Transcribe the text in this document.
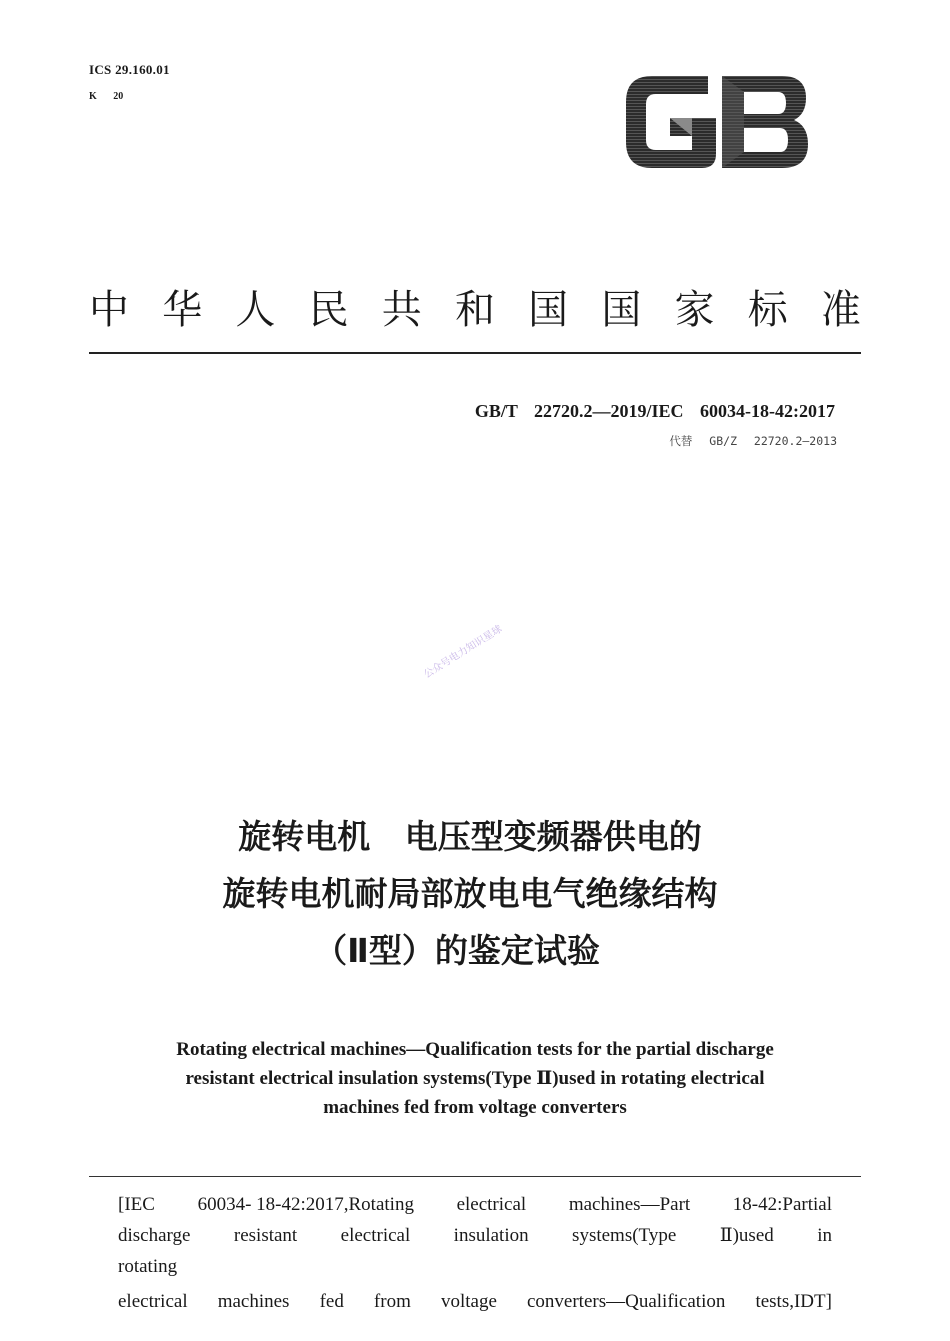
ICS 29.160.01
K 20
中 华 人 民 共 和 国 国 家 标 准
GB/T 22720.2—2019/IEC 60034-18-42:2017
代替 GB/Z 22720.2—2013
公众号电力知识星球
旋转电机   电压型变频器供电的
旋转电机耐局部放电电气绝缘结构
（Ⅱ型）的鉴定试验
Rotating electrical machines—Qualification tests for the partial discharge
resistant electrical insulation systems(Type Ⅱ)used in rotating electrical
machines fed from voltage converters
[IEC 60034- 18-42:2017,Rotating electrical machines—Part 18-42:Partial
discharge resistant electrical insulation systems(Type Ⅱ)used in
rotating
electrical machines fed from voltage converters—Qualification tests,IDT]
